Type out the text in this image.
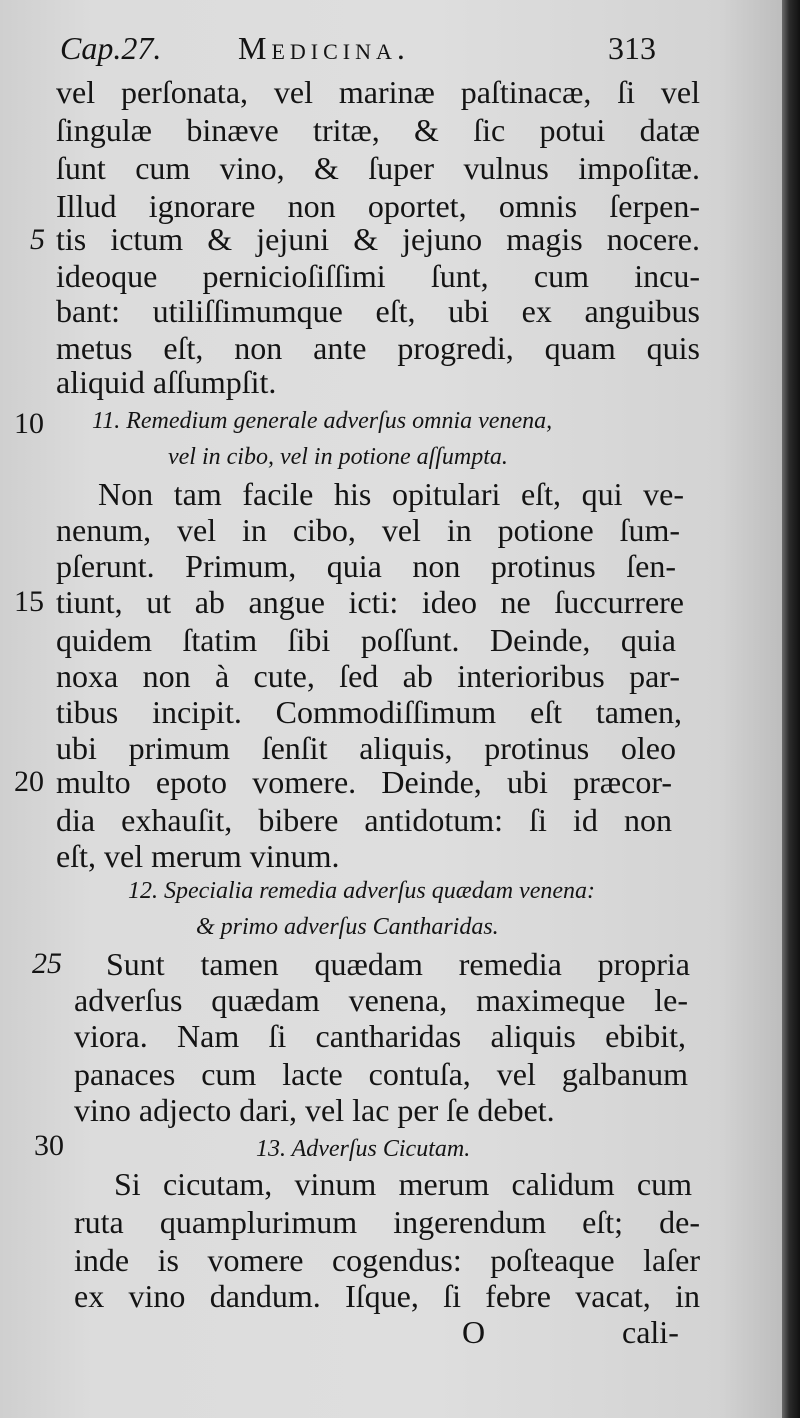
Cap.27. Medicina.	313
vel perſonata, vel marinæ paſtinacæ, ſi vel
ſingulæ binæve tritæ, & ſic potui datæ
ſunt cum vino, & ſuper vulnus impoſitæ.
Illud ignorare non oportet, omnis ſerpen-
tis ictum & jejuni & jejuno magis nocere.
ideoque pernicioſiſſimi ſunt, cum incu-
bant: utiliſſimumque eſt, ubi ex anguibus
metus eſt, non ante progredi, quam quis
aliquid aſſumpſit.
11. Remedium generale adverſus omnia venena,
vel in cibo, vel in potione aſſumpta.
Non tam facile his opitulari eſt, qui ve-
nenum, vel in cibo, vel in potione ſum-
pſerunt. Primum, quia non protinus ſen-
tiunt, ut ab angue icti: ideo ne ſuccurrere
quidem ſtatim ſibi poſſunt. Deinde, quia
noxa non à cute, ſed ab interioribus par-
tibus incipit. Commodiſſimum eſt tamen,
ubi primum ſenſit aliquis, protinus oleo
multo epoto vomere. Deinde, ubi præcor-
dia exhauſit, bibere antidotum: ſi id non
eſt, vel merum vinum.
12. Specialia remedia adverſus quædam venena:
& primo adverſus Cantharidas.
Sunt tamen quædam remedia propria
adverſus quædam venena, maximeque le-
viora. Nam ſi cantharidas aliquis ebibit,
panaces cum lacte contuſa, vel galbanum
vino adjecto dari, vel lac per ſe debet.
13. Adverſus Cicutam.
Si cicutam, vinum merum calidum cum
ruta quamplurimum ingerendum eſt; de-
inde is vomere cogendus: poſteaque laſer
ex vino dandum. Iſque, ſi febre vacat, in
5
10
15
20
25
30
O	cali-
